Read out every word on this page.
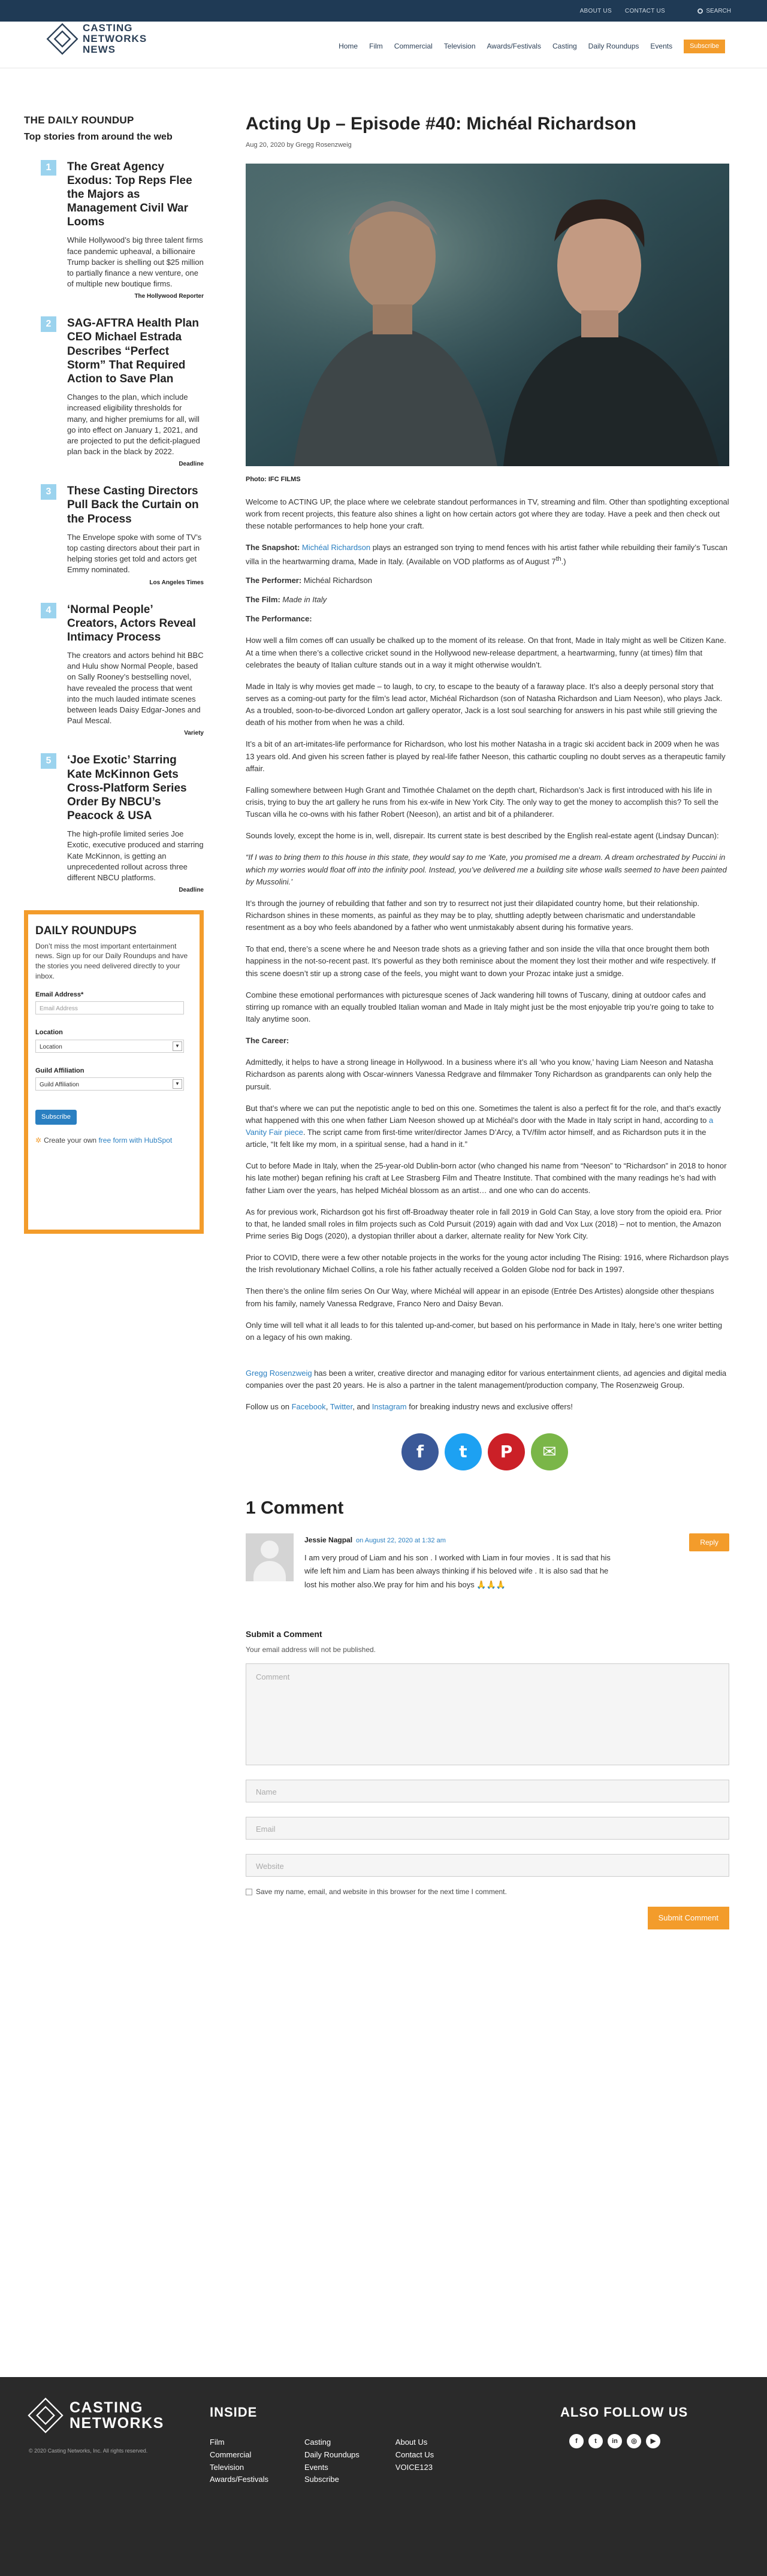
ABOUT US CONTACT US	SEARCH
CASTING
NETWORKS
NEWS	Home Film Commercial Television Awards/Festivals Casting Daily Roundups Events	Subscribe
THE DAILY ROUNDUP
Top stories from around the web
1	The Great Agency Exodus: Top Reps Flee the Majors as Management Civil War Looms
While Hollywood’s big three talent firms face pandemic upheaval, a billionaire Trump backer is shelling out $25 million to partially finance a new venture, one of multiple new boutique firms.
The Hollywood Reporter
2	SAG-AFTRA Health Plan CEO Michael Estrada Describes “Perfect Storm” That Required Action to Save Plan
Changes to the plan, which include increased eligibility thresholds for many, and higher premiums for all, will go into effect on January 1, 2021, and are projected to put the deficit-plagued plan back in the black by 2022.
Deadline
3	These Casting Directors Pull Back the Curtain on the Process
The Envelope spoke with some of TV’s top casting directors about their part in helping stories get told and actors get Emmy nominated.
Los Angeles Times
4	‘Normal People’ Creators, Actors Reveal Intimacy Process
The creators and actors behind hit BBC and Hulu show Normal People, based on Sally Rooney’s bestselling novel, have revealed the process that went into the much lauded intimate scenes between leads Daisy Edgar-Jones and Paul Mescal.
Variety
5	‘Joe Exotic’ Starring Kate McKinnon Gets Cross-Platform Series Order By NBCU’s Peacock & USA
The high-profile limited series Joe Exotic, executive produced and starring Kate McKinnon, is getting an unprecedented rollout across three different NBCU platforms.
Deadline
DAILY ROUNDUPS

Don’t miss the most important entertainment news. Sign up for our Daily Roundups and have the stories you need delivered directly to your inbox.

Email Address*
Email Address
Location
Location	▼
Guild Affiliation
Guild Affiliation	▼
Subscribe
✲ Create your own free form with HubSpot
Acting Up – Episode #40: Michéal Richardson
Aug 20, 2020 by Gregg Rosenzweig
Photo: IFC FILMS

Welcome to ACTING UP, the place where we celebrate standout performances in TV, streaming and film. Other than spotlighting exceptional work from recent projects, this feature also shines a light on how certain actors got where they are today. Have a peek and then check out these notable performances to help hone your craft.

The Snapshot: Michéal Richardson plays an estranged son trying to mend fences with his artist father while rebuilding their family’s Tuscan villa in the heartwarming drama, Made in Italy. (Available on VOD platforms as of August 7th.)

The Performer: Michéal Richardson

The Film: Made in Italy

The Performance:

How well a film comes off can usually be chalked up to the moment of its release. On that front, Made in Italy might as well be Citizen Kane. At a time when there’s a collective cricket sound in the Hollywood new-release department, a heartwarming, funny (at times) film that celebrates the beauty of Italian culture stands out in a way it might otherwise wouldn’t.

Made in Italy is why movies get made – to laugh, to cry, to escape to the beauty of a faraway place. It’s also a deeply personal story that serves as a coming-out party for the film’s lead actor, Michéal Richardson (son of Natasha Richardson and Liam Neeson), who plays Jack. As a troubled, soon-to-be-divorced London art gallery operator, Jack is a lost soul searching for answers in his past while still grieving the death of his mother from when he was a child.

It’s a bit of an art-imitates-life performance for Richardson, who lost his mother Natasha in a tragic ski accident back in 2009 when he was 13 years old. And given his screen father is played by real-life father Neeson, this cathartic coupling no doubt serves as a therapeutic family affair.

Falling somewhere between Hugh Grant and Timothée Chalamet on the depth chart, Richardson’s Jack is first introduced with his life in crisis, trying to buy the art gallery he runs from his ex-wife in New York City. The only way to get the money to accomplish this? To sell the Tuscan villa he co-owns with his father Robert (Neeson), an artist and bit of a philanderer.

Sounds lovely, except the home is in, well, disrepair. Its current state is best described by the English real-estate agent (Lindsay Duncan):

“If I was to bring them to this house in this state, they would say to me ‘Kate, you promised me a dream. A dream orchestrated by Puccini in which my worries would float off into the infinity pool. Instead, you’ve delivered me a building site whose walls seemed to have been painted by Mussolini.’

It’s through the journey of rebuilding that father and son try to resurrect not just their dilapidated country home, but their relationship. Richardson shines in these moments, as painful as they may be to play, shuttling adeptly between charismatic and understandable resentment as a boy who feels abandoned by a father who went unmistakably absent during his formative years.

To that end, there’s a scene where he and Neeson trade shots as a grieving father and son inside the villa that once brought them both happiness in the not-so-recent past. It’s powerful as they both reminisce about the moment they lost their mother and wife respectively. If this scene doesn’t stir up a strong case of the feels, you might want to down your Prozac intake just a smidge.

Combine these emotional performances with picturesque scenes of Jack wandering hill towns of Tuscany, dining at outdoor cafes and stirring up romance with an equally troubled Italian woman and Made in Italy might just be the most enjoyable trip you’re going to take to Italy anytime soon.

The Career:

Admittedly, it helps to have a strong lineage in Hollywood. In a business where it’s all ‘who you know,’ having Liam Neeson and Natasha Richardson as parents along with Oscar-winners Vanessa Redgrave and filmmaker Tony Richardson as grandparents can only help the pursuit.

But that’s where we can put the nepotistic angle to bed on this one. Sometimes the talent is also a perfect fit for the role, and that’s exactly what happened with this one when father Liam Neeson showed up at Michéal’s door with the Made in Italy script in hand, according to a Vanity Fair piece. The script came from first-time writer/director James D’Arcy, a TV/film actor himself, and as Richardson puts it in the article, “It felt like my mom, in a spiritual sense, had a hand in it.”

Cut to before Made in Italy, when the 25-year-old Dublin-born actor (who changed his name from “Neeson” to “Richardson” in 2018 to honor his late mother) began refining his craft at Lee Strasberg Film and Theatre Institute. That combined with the many readings he’s had with father Liam over the years, has helped Michéal blossom as an artist… and one who can do accents.

As for previous work, Richardson got his first off-Broadway theater role in fall 2019 in Gold Can Stay, a love story from the opioid era. Prior to that, he landed small roles in film projects such as Cold Pursuit (2019) again with dad and Vox Lux (2018) – not to mention, the Amazon Prime series Big Dogs (2020), a dystopian thriller about a darker, alternate reality for New York City.

Prior to COVID, there were a few other notable projects in the works for the young actor including The Rising: 1916, where Richardson plays the Irish revolutionary Michael Collins, a role his father actually received a Golden Globe nod for back in 1997.

Then there’s the online film series On Our Way, where Michéal will appear in an episode (Entrée Des Artistes) alongside other thespians from his family, namely Vanessa Redgrave, Franco Nero and Daisy Bevan.

Only time will tell what it all leads to for this talented up-and-comer, but based on his performance in Made in Italy, here’s one writer betting on a legacy of his own making.

Gregg Rosenzweig has been a writer, creative director and managing editor for various entertainment clients, ad agencies and digital media companies over the past 20 years. He is also a partner in the talent management/production company, The Rosenzweig Group.

Follow us on Facebook, Twitter, and Instagram for breaking industry news and exclusive offers!

f	t	P	✉
1 Comment
Jessie Nagpal on August 22, 2020 at 1:32 am
I am very proud of Liam and his son . I worked with Liam in four movies . It is sad that his wife left him and Liam has been always thinking if his beloved wife . It is also sad that he lost his mother also.We pray for him and his boys 🙏🙏🙏
Reply
Submit a Comment
Your email address will not be published.
Comment
Name
Email
Website
Save my name, email, and website in this browser for the next time I comment.
Submit Comment
CASTING
NETWORKS
© 2020 Casting Networks, Inc. All rights reserved.
INSIDE
Film
Commercial
Television
Awards/Festivals
Casting
Daily Roundups
Events
Subscribe
About Us
Contact Us
VOICE123
ALSO FOLLOW US
f	t	in	◎	▶
